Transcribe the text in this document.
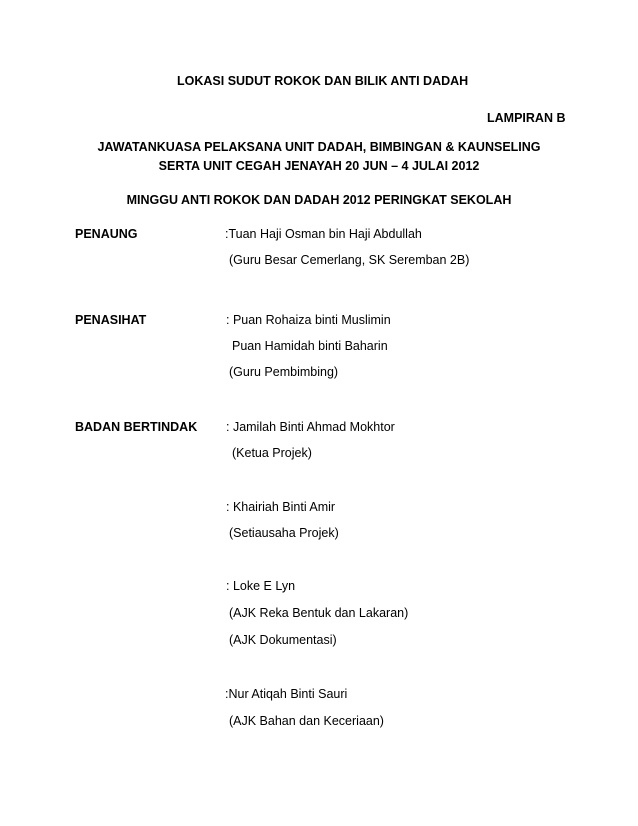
LOKASI SUDUT ROKOK DAN BILIK ANTI DADAH
LAMPIRAN B
JAWATANKUASA PELAKSANA UNIT DADAH, BIMBINGAN & KAUNSELING
SERTA UNIT CEGAH JENAYAH 20 JUN – 4 JULAI 2012
MINGGU ANTI ROKOK DAN DADAH 2012 PERINGKAT SEKOLAH
PENAUNG	:Tuan Haji Osman bin Haji Abdullah
(Guru Besar Cemerlang, SK Seremban 2B)
PENASIHAT	: Puan Rohaiza binti Muslimin
Puan Hamidah binti Baharin
(Guru Pembimbing)
BADAN BERTINDAK : Jamilah Binti Ahmad Mokhtor
(Ketua Projek)
: Khairiah Binti Amir
(Setiausaha Projek)
: Loke E Lyn
(AJK Reka Bentuk dan Lakaran)
(AJK Dokumentasi)
:Nur Atiqah Binti Sauri
(AJK Bahan dan Keceriaan)
